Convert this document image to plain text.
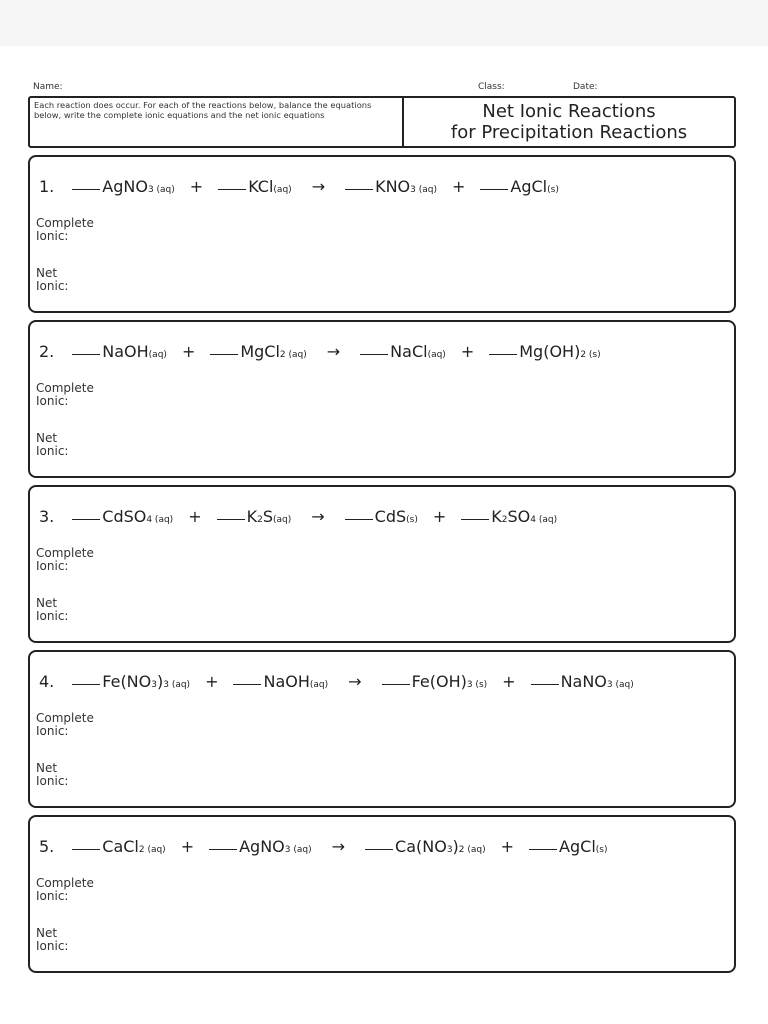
Name:	Class:	Date:
Each reaction does occur. For each of the reactions below, balance the equations below, write the complete ionic equations and the net ionic equations	Net Ionic Reactions
for Precipitation Reactions
1.	AgNO$_{3 (aq)}$ +	KCl$_{(aq)}$ →	$KNO_{3 (aq)}$ +	AgCl$_{(s)}$
Complete
Ionic:
Net
Ionic:
2.	NaOH$_{(aq)}$ +	MgCl$_{2 (aq)}$ →	NaCl$_{(aq)}$ +	$Mg(OH)_{2 (s)}$
Complete
Ionic:
Net
Ionic:
3.	CdSO$_{4 (aq)}$ +	$K_2$ $S_{(aq)}$ →	CdS$_{(s)}$ +	$K_2$ $SO_{4 (aq)}$
Complete
Ionic:
Net
Ionic:
4.	$Fe(NO_3$ )$_{3 (aq)}$ +	NaOH$_{(aq)}$ →	$Fe(OH)_{3 (s)}$ +	NaNO$_{3 (aq)}$
Complete
Ionic:
Net
Ionic:
5.	CaCl$_{2 (aq)}$ +	AgNO$_{3 (aq)}$ →	$Ca(NO_3$ )$_{2 (aq)}$ +	AgCl$_{(s)}$
Complete
Ionic:
Net
Ionic:
